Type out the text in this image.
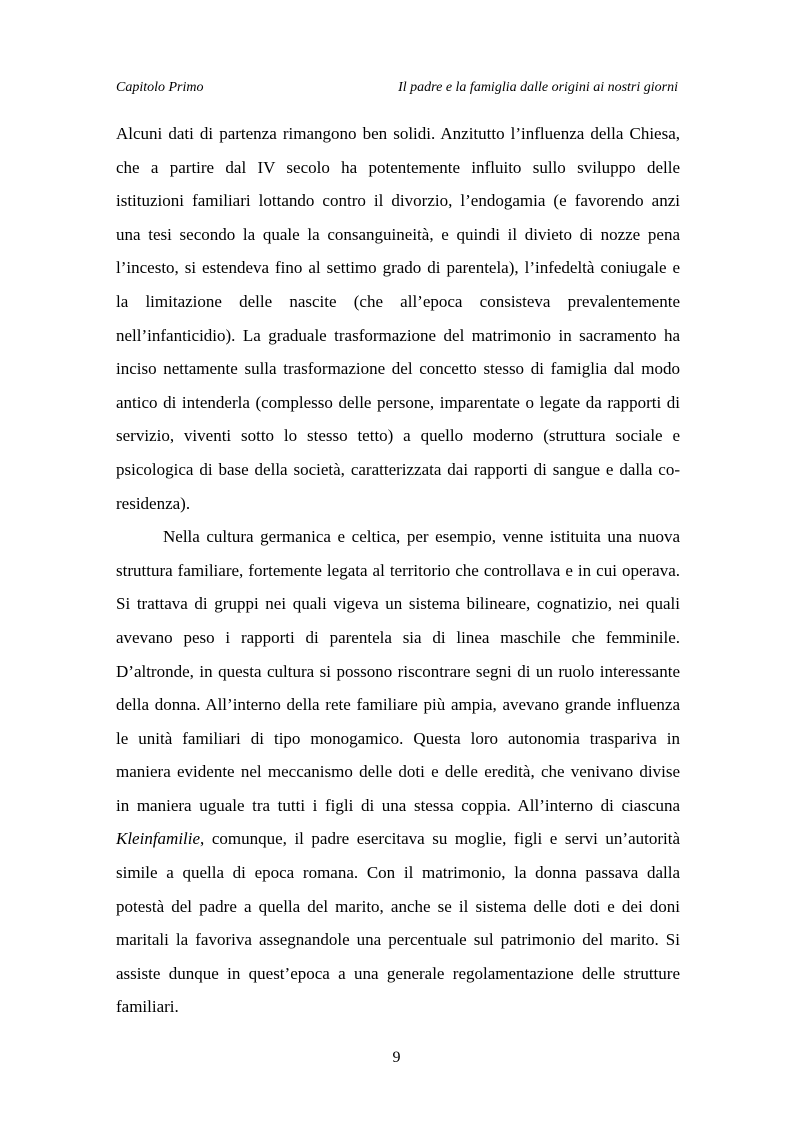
Capitolo Primo	Il padre e la famiglia dalle origini ai nostri giorni
Alcuni dati di partenza rimangono ben solidi. Anzitutto l’influenza della Chiesa,
che a partire dal IV secolo ha potentemente influito sullo sviluppo delle
istituzioni familiari lottando contro il divorzio, l’endogamia (e favorendo anzi
una tesi secondo la quale la consanguineità, e quindi il divieto di nozze pena
l’incesto, si estendeva fino al settimo grado di parentela), l’infedeltà coniugale e
la limitazione delle nascite (che all’epoca consisteva prevalentemente
nell’infanticidio). La graduale trasformazione del matrimonio in sacramento ha
inciso nettamente sulla trasformazione del concetto stesso di famiglia dal modo
antico di intenderla (complesso delle persone, imparentate o legate da rapporti di
servizio, viventi sotto lo stesso tetto) a quello moderno (struttura sociale e
psicologica di base della società, caratterizzata dai rapporti di sangue e dalla co-
residenza).
Nella cultura germanica e celtica, per esempio, venne istituita una nuova
struttura familiare, fortemente legata al territorio che controllava e in cui operava.
Si trattava di gruppi nei quali vigeva un sistema bilineare, cognatizio, nei quali
avevano peso i rapporti di parentela sia di linea maschile che femminile.
D’altronde, in questa cultura si possono riscontrare segni di un ruolo interessante
della donna. All’interno della rete familiare più ampia, avevano grande influenza
le unità familiari di tipo monogamico. Questa loro autonomia traspariva in
maniera evidente nel meccanismo delle doti e delle eredità, che venivano divise
in maniera uguale tra tutti i figli di una stessa coppia. All’interno di ciascuna
Kleinfamilie, comunque, il padre esercitava su moglie, figli e servi un’autorità
simile a quella di epoca romana. Con il matrimonio, la donna passava dalla
potestà del padre a quella del marito, anche se il sistema delle doti e dei doni
maritali la favoriva assegnandole una percentuale sul patrimonio del marito. Si
assiste dunque in quest’epoca a una generale regolamentazione delle strutture
familiari.
9
